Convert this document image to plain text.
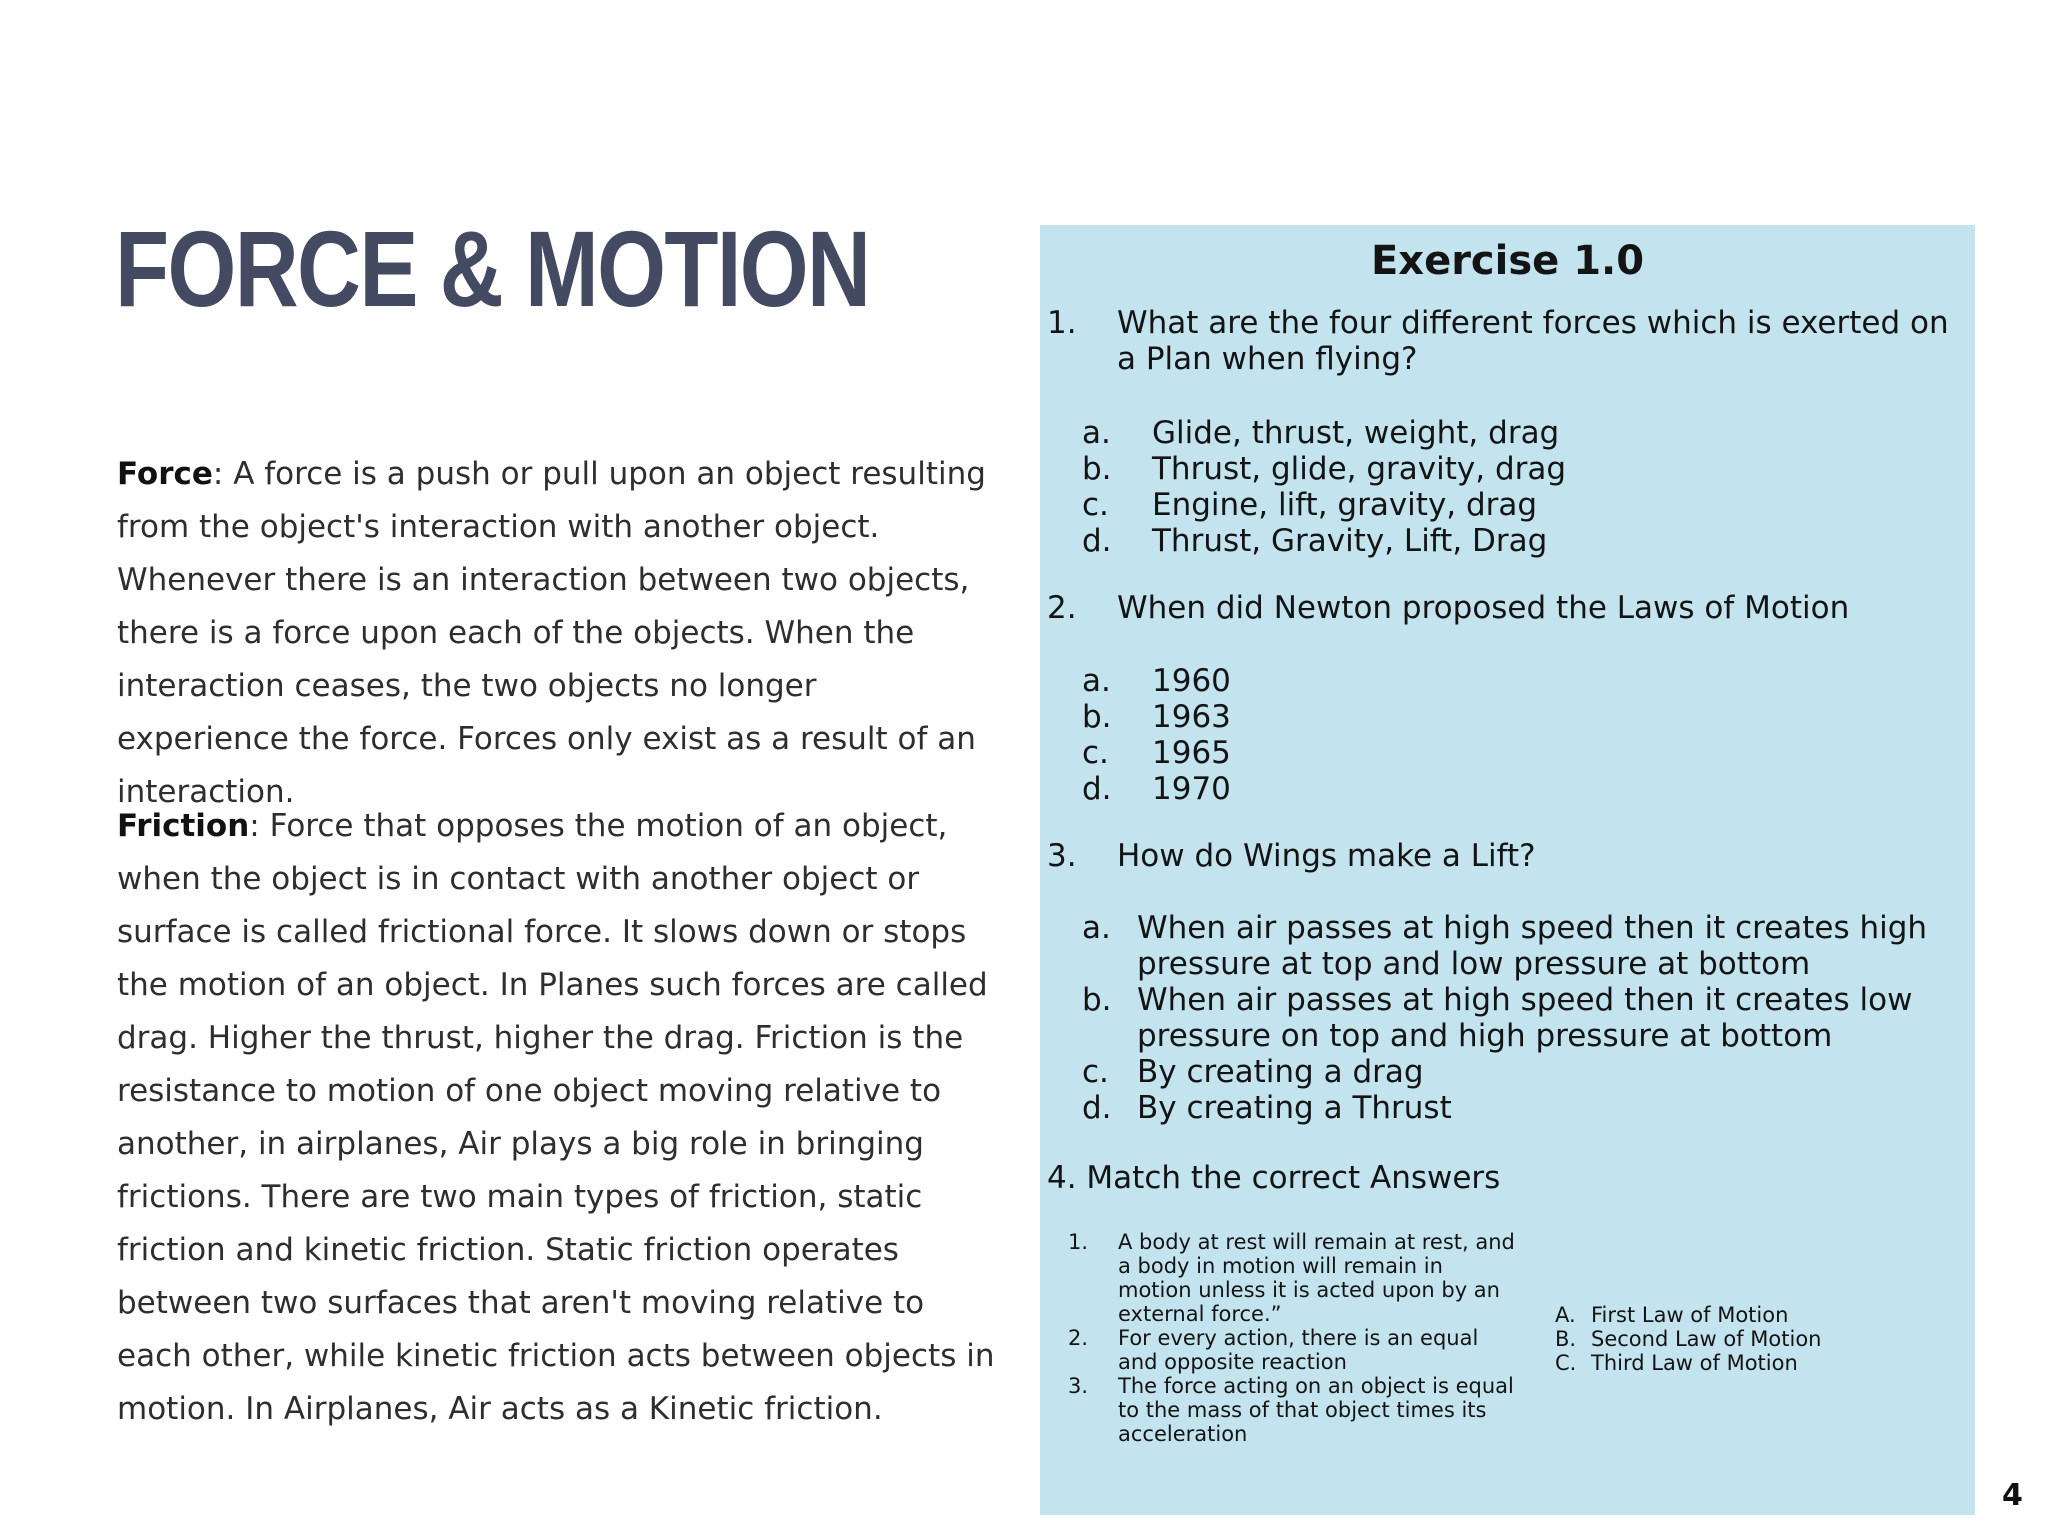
FORCE & MOTION

Force: A force is a push or pull upon an object resulting from the object's interaction with another object. Whenever there is an interaction between two objects, there is a force upon each of the objects. When the interaction ceases, the two objects no longer experience the force. Forces only exist as a result of an interaction.

Friction: Force that opposes the motion of an object, when the object is in contact with another object or surface is called frictional force. It slows down or stops the motion of an object. In Planes such forces are called drag. Higher the thrust, higher the drag. Friction is the resistance to motion of one object moving relative to another, in airplanes, Air plays a big role in bringing frictions. There are two main types of friction, static friction and kinetic friction. Static friction operates between two surfaces that aren't moving relative to each other, while kinetic friction acts between objects in motion. In Airplanes, Air acts as a Kinetic friction.

Exercise 1.0
1. What are the four different forces which is exerted on a Plan when flying?
a. Glide, thrust, weight, drag
b. Thrust, glide, gravity, drag
c. Engine, lift, gravity, drag
d. Thrust, Gravity, Lift, Drag
2. When did Newton proposed the Laws of Motion
a. 1960
b. 1963
c. 1965
d. 1970
3. How do Wings make a Lift?
a. When air passes at high speed then it creates high pressure at top and low pressure at bottom
b. When air passes at high speed then it creates low pressure on top and high pressure at bottom
c. By creating a drag
d. By creating a Thrust
4. Match the correct Answers
1. A body at rest will remain at rest, and a body in motion will remain in motion unless it is acted upon by an external force.”
2. For every action, there is an equal and opposite reaction
3. The force acting on an object is equal to the mass of that object times its acceleration
A. First Law of Motion
B. Second Law of Motion
C. Third Law of Motion
4
